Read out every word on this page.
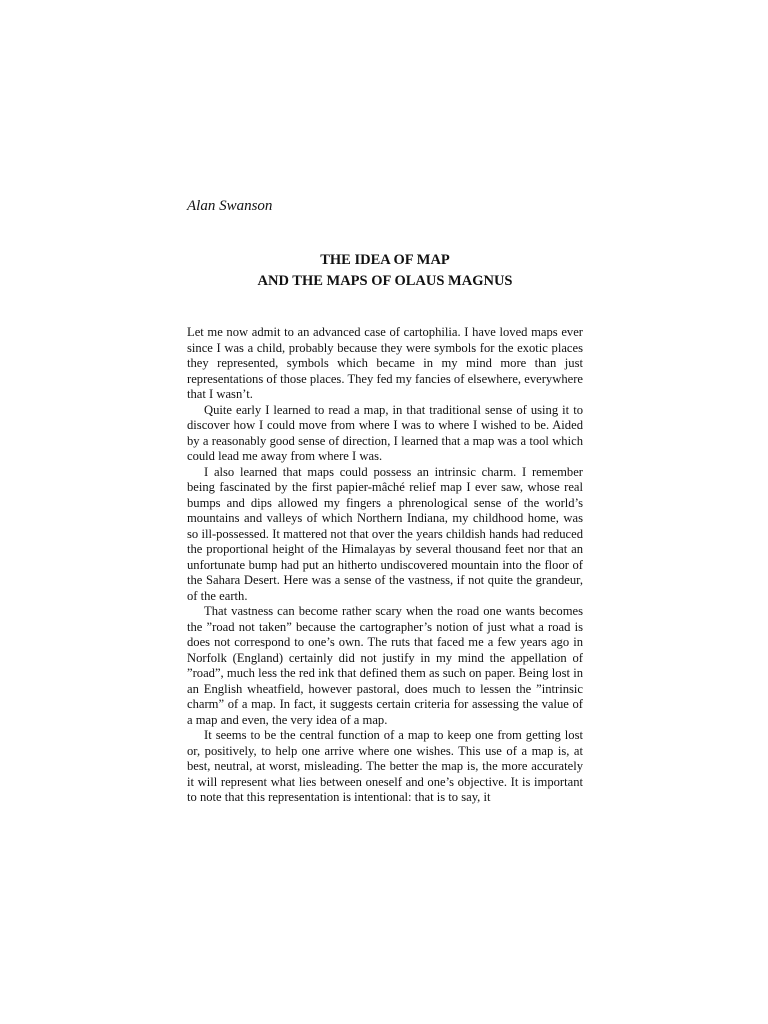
Alan Swanson

THE IDEA OF MAP
AND THE MAPS OF OLAUS MAGNUS

Let me now admit to an advanced case of cartophilia. I have loved maps ever since I was a child, probably because they were symbols for the exotic places they represented, symbols which became in my mind more than just representations of those places. They fed my fancies of elsewhere, everywhere that I wasn’t.

Quite early I learned to read a map, in that traditional sense of using it to discover how I could move from where I was to where I wished to be. Aided by a reasonably good sense of direction, I learned that a map was a tool which could lead me away from where I was.

I also learned that maps could possess an intrinsic charm. I remember being fascinated by the first papier-mâché relief map I ever saw, whose real bumps and dips allowed my fingers a phrenological sense of the world’s mountains and valleys of which Northern Indiana, my childhood home, was so ill-possessed. It mattered not that over the years childish hands had reduced the proportional height of the Himalayas by several thousand feet nor that an unfortunate bump had put an hitherto undiscovered mountain into the floor of the Sahara Desert. Here was a sense of the vastness, if not quite the grandeur, of the earth.

That vastness can become rather scary when the road one wants becomes the ”road not taken” because the cartographer’s notion of just what a road is does not correspond to one’s own. The ruts that faced me a few years ago in Norfolk (England) certainly did not justify in my mind the appellation of ”road”, much less the red ink that defined them as such on paper. Being lost in an English wheatfield, however pastoral, does much to lessen the ”intrinsic charm” of a map. In fact, it suggests certain criteria for assessing the value of a map and even, the very idea of a map.

It seems to be the central function of a map to keep one from getting lost or, positively, to help one arrive where one wishes. This use of a map is, at best, neutral, at worst, misleading. The better the map is, the more accurately it will represent what lies between oneself and one’s objective. It is important to note that this representation is intentional: that is to say, it
